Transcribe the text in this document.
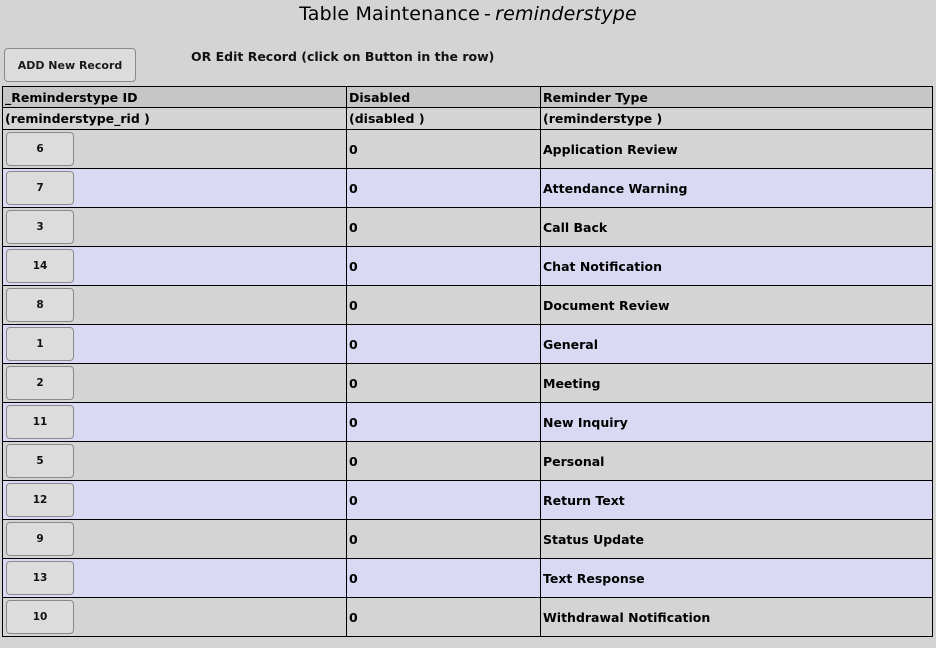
Table Maintenance - reminderstype
ADD New Record
OR Edit Record (click on Button in the row)
_Reminderstype ID	Disabled	Reminder Type
(reminderstype_rid )	(disabled )	(reminderstype )

6	0	Application Review

7	0	Attendance Warning

3	0	Call Back

14	0	Chat Notification

8	0	Document Review

1	0	General

2	0	Meeting

11	0	New Inquiry

5	0	Personal

12	0	Return Text

9	0	Status Update

13	0	Text Response

10	0	Withdrawal Notification
